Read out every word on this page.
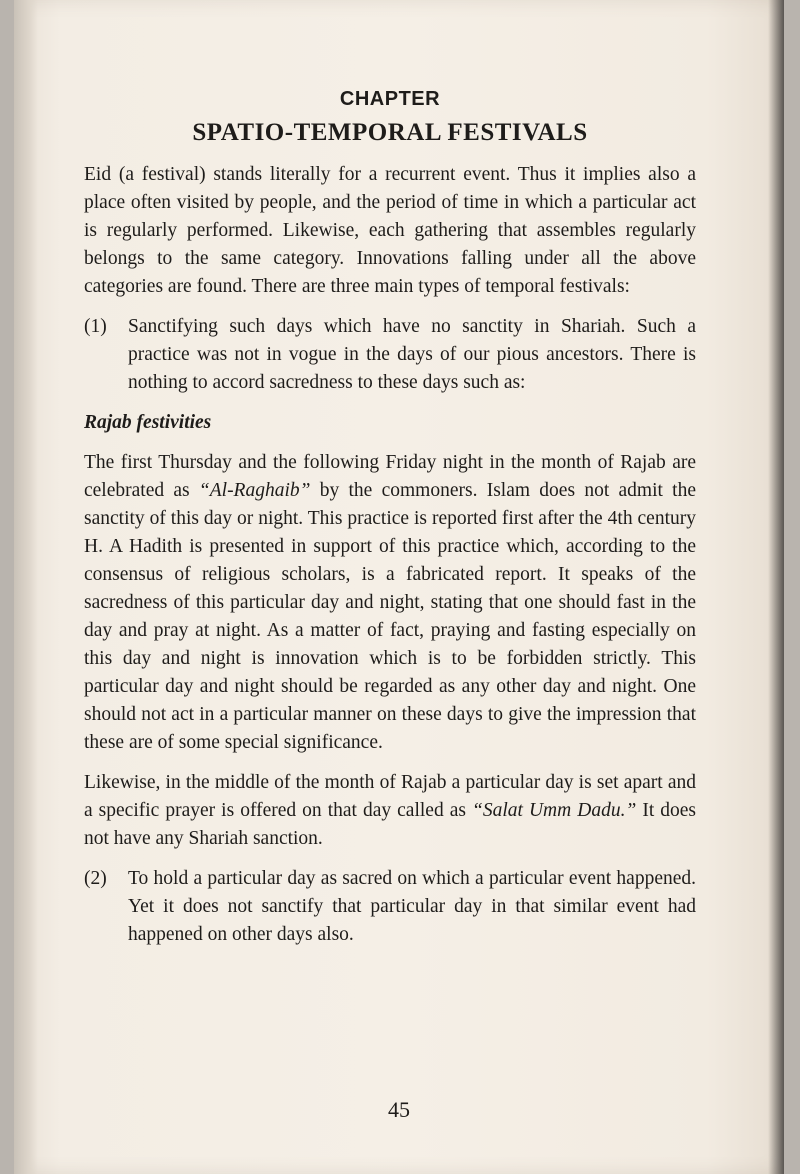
CHAPTER
SPATIO-TEMPORAL FESTIVALS

Eid (a festival) stands literally for a recurrent event. Thus it implies also a place often visited by people, and the period of time in which a particular act is regularly performed. Likewise, each gathering that assembles regularly belongs to the same category. Innovations falling under all the above categories are found. There are three main types of temporal festivals:

(1)	Sanctifying such days which have no sanctity in Shariah. Such a practice was not in vogue in the days of our pious ancestors. There is nothing to accord sacredness to these days such as:

Rajab festivities

The first Thursday and the following Friday night in the month of Rajab are celebrated as “Al-Raghaib” by the commoners. Islam does not admit the sanctity of this day or night. This practice is reported first after the 4th century H. A Hadith is presented in support of this practice which, according to the consensus of religious scholars, is a fabricated report. It speaks of the sacredness of this particular day and night, stating that one should fast in the day and pray at night. As a matter of fact, praying and fasting especially on this day and night is innovation which is to be forbidden strictly. This particular day and night should be regarded as any other day and night. One should not act in a particular manner on these days to give the impression that these are of some special significance.

Likewise, in the middle of the month of Rajab a particular day is set apart and a specific prayer is offered on that day called as “Salat Umm Dadu.” It does not have any Shariah sanction.

(2)	To hold a particular day as sacred on which a particular event happened. Yet it does not sanctify that particular day in that similar event had happened on other days also.

45
